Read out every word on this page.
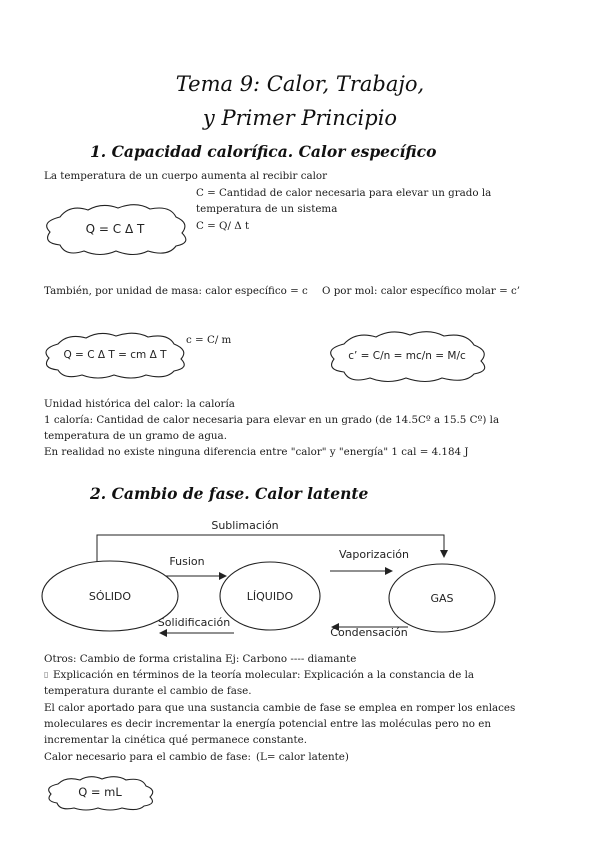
Tema 9: Calor, Trabajo,
y Primer Principio
1. Capacidad calorífica. Calor específico
La temperatura de un cuerpo aumenta al recibir calor
C = Cantidad de calor necesaria para elevar un grado la
temperatura de un sistema
C = Q/ Δ t
Q = C Δ T
También, por unidad de masa: calor específico = c O por mol: calor específico molar = c’
c = C/ m
Q = C Δ T = cm Δ T	c’ = C/n = mc/n = M/c
Unidad histórica del calor: la caloría
1 caloría: Cantidad de calor necesaria para elevar en un grado (de 14.5Cº a 15.5 Cº) la
temperatura de un gramo de agua.
En realidad no existe ninguna diferencia entre "calor" y "energía" 1 cal = 4.184 J
2. Cambio de fase. Calor latente
Sublimación
Fusion
Vaporización
Solidificación
Condensación
SÓLIDO	LÍQUIDO	GAS
Otros: Cambio de forma cristalina Ej: Carbono ---- diamante
▯ Explicación en términos de la teoría molecular: Explicación a la constancia de la
temperatura durante el cambio de fase.
El calor aportado para que una sustancia cambie de fase se emplea en romper los enlaces
moleculares es decir incrementar la energía potencial entre las moléculas pero no en
incrementar la cinética qué permanece constante.
Calor necesario para el cambio de fase: (L= calor latente)
Q = mL
